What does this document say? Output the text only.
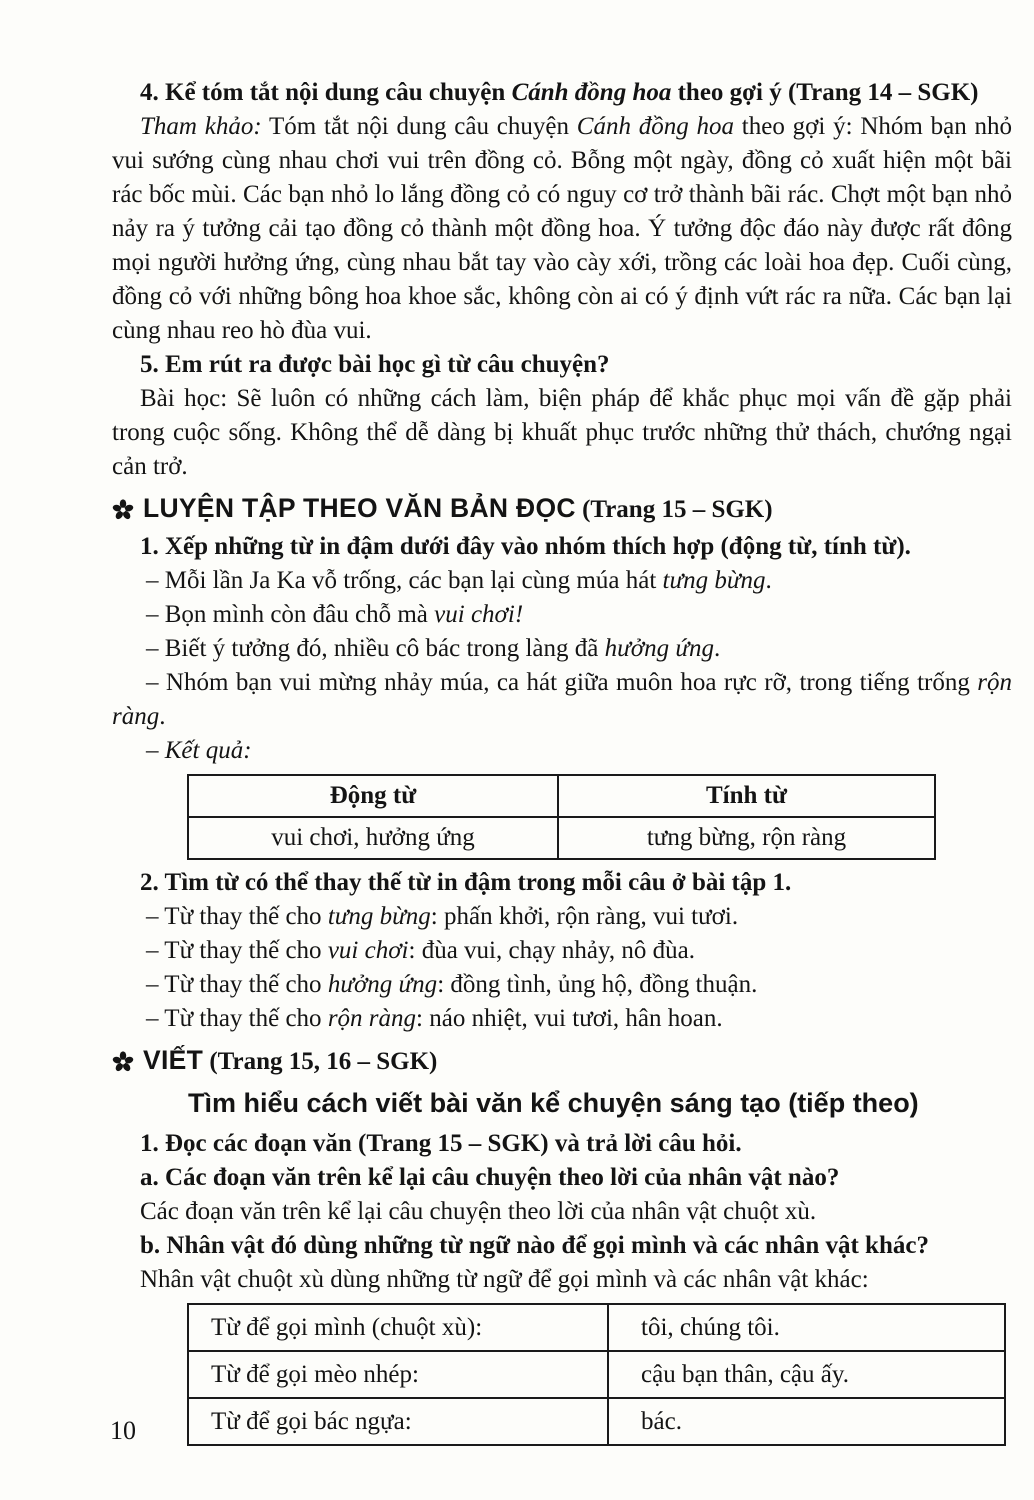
4. Kể tóm tắt nội dung câu chuyện Cánh đồng hoa theo gợi ý (Trang 14 – SGK)

Tham khảo: Tóm tắt nội dung câu chuyện Cánh đồng hoa theo gợi ý: Nhóm bạn nhỏ vui sướng cùng nhau chơi vui trên đồng cỏ. Bỗng một ngày, đồng cỏ xuất hiện một bãi rác bốc mùi. Các bạn nhỏ lo lắng đồng cỏ có nguy cơ trở thành bãi rác. Chợt một bạn nhỏ nảy ra ý tưởng cải tạo đồng cỏ thành một đồng hoa. Ý tưởng độc đáo này được rất đông mọi người hưởng ứng, cùng nhau bắt tay vào cày xới, trồng các loài hoa đẹp. Cuối cùng, đồng cỏ với những bông hoa khoe sắc, không còn ai có ý định vứt rác ra nữa. Các bạn lại cùng nhau reo hò đùa vui.

5. Em rút ra được bài học gì từ câu chuyện?

Bài học: Sẽ luôn có những cách làm, biện pháp để khắc phục mọi vấn đề gặp phải trong cuộc sống. Không thể dễ dàng bị khuất phục trước những thử thách, chướng ngại cản trở.

LUYỆN TẬP THEO VĂN BẢN ĐỌC (Trang 15 – SGK)

1. Xếp những từ in đậm dưới đây vào nhóm thích hợp (động từ, tính từ).

– Mỗi lần Ja Ka vỗ trống, các bạn lại cùng múa hát tưng bừng.

– Bọn mình còn đâu chỗ mà vui chơi!

– Biết ý tưởng đó, nhiều cô bác trong làng đã hưởng ứng.

– Nhóm bạn vui mừng nhảy múa, ca hát giữa muôn hoa rực rỡ, trong tiếng trống rộn ràng.

– Kết quả:

Động từ	Tính từ
vui chơi, hưởng ứng	tưng bừng, rộn ràng

2. Tìm từ có thể thay thế từ in đậm trong mỗi câu ở bài tập 1.

– Từ thay thế cho tưng bừng: phấn khởi, rộn ràng, vui tươi.

– Từ thay thế cho vui chơi: đùa vui, chạy nhảy, nô đùa.

– Từ thay thế cho hưởng ứng: đồng tình, ủng hộ, đồng thuận.

– Từ thay thế cho rộn ràng: náo nhiệt, vui tươi, hân hoan.

VIẾT (Trang 15, 16 – SGK)

Tìm hiểu cách viết bài văn kể chuyện sáng tạo (tiếp theo)

1. Đọc các đoạn văn (Trang 15 – SGK) và trả lời câu hỏi.

a. Các đoạn văn trên kể lại câu chuyện theo lời của nhân vật nào?

Các đoạn văn trên kể lại câu chuyện theo lời của nhân vật chuột xù.

b. Nhân vật đó dùng những từ ngữ nào để gọi mình và các nhân vật khác?

Nhân vật chuột xù dùng những từ ngữ để gọi mình và các nhân vật khác:

Từ để gọi mình (chuột xù):	tôi, chúng tôi.
Từ để gọi mèo nhép:	cậu bạn thân, cậu ấy.
Từ để gọi bác ngựa:	bác.
10
